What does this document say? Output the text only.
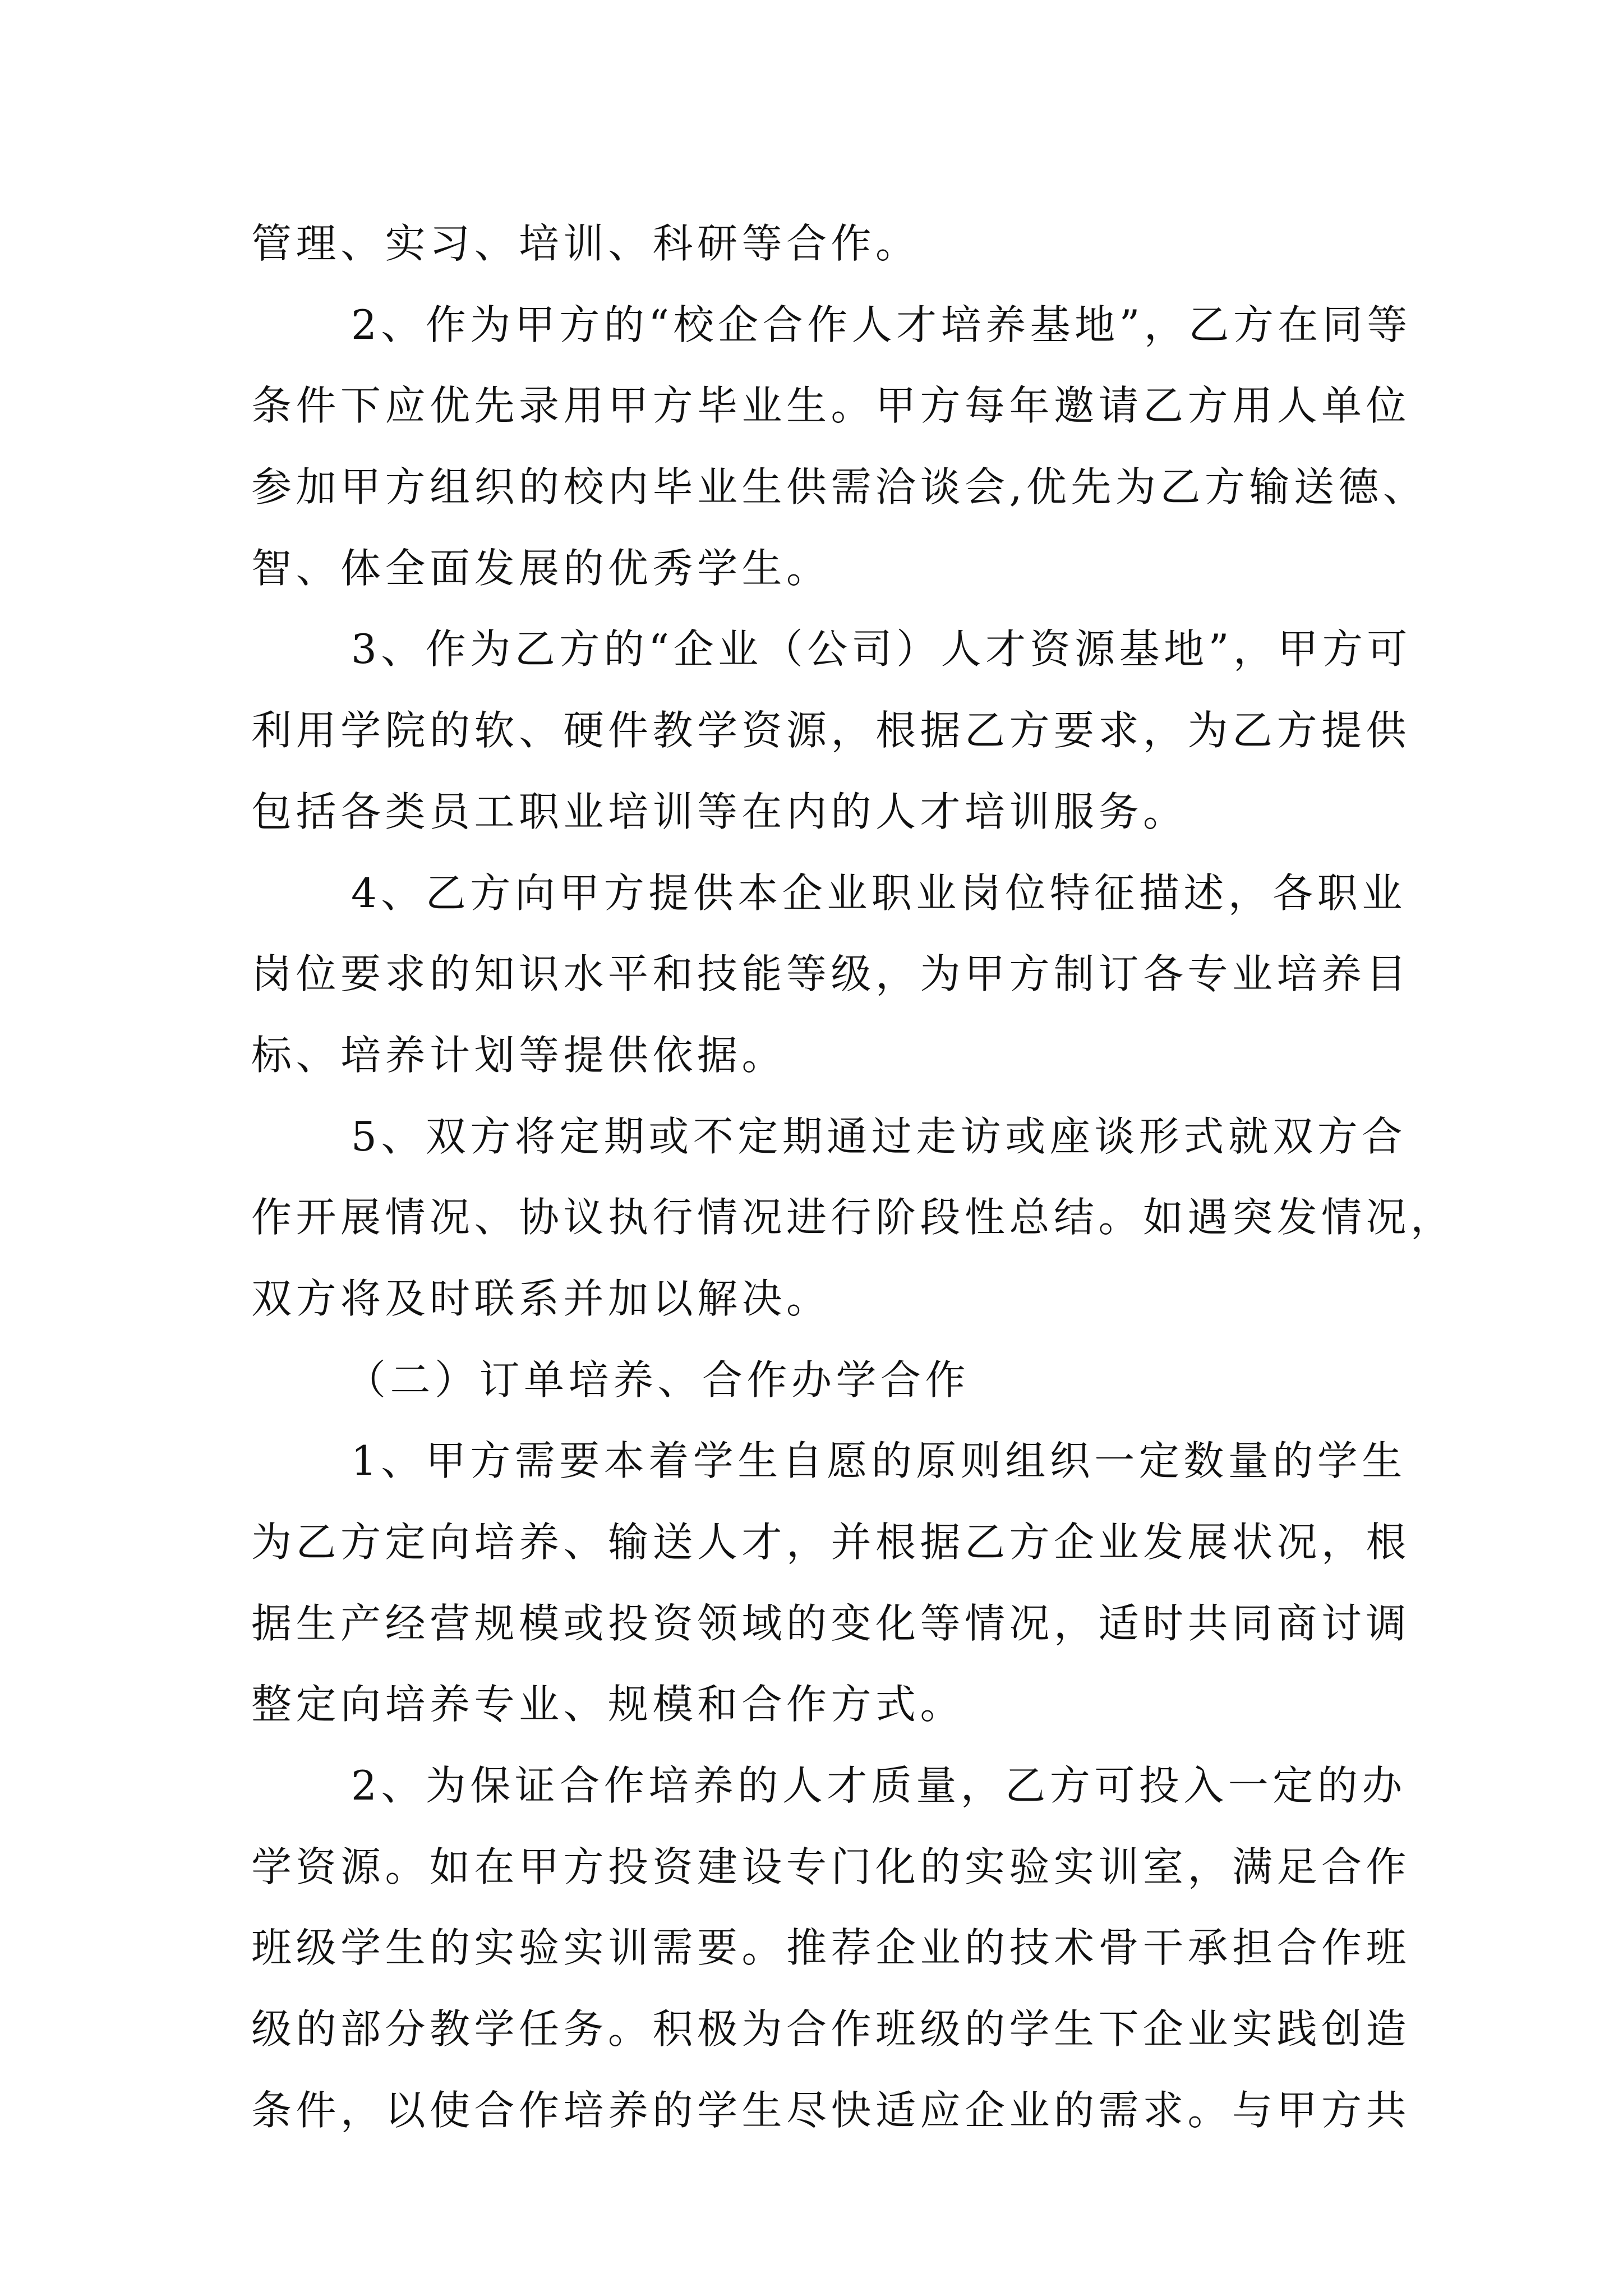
管理、实习、培训、科研等合作。
2、作为甲方的“校企合作人才培养基地”，乙方在同等
条件下应优先录用甲方毕业生。甲方每年邀请乙方用人单位
参加甲方组织的校内毕业生供需洽谈会,优先为乙方输送德、
智、体全面发展的优秀学生。
3、作为乙方的“企业（公司）人才资源基地”，甲方可
利用学院的软、硬件教学资源，根据乙方要求，为乙方提供
包括各类员工职业培训等在内的人才培训服务。
4、乙方向甲方提供本企业职业岗位特征描述，各职业
岗位要求的知识水平和技能等级，为甲方制订各专业培养目
标、培养计划等提供依据。
5、双方将定期或不定期通过走访或座谈形式就双方合
作开展情况、协议执行情况进行阶段性总结。如遇突发情况，
双方将及时联系并加以解决。
（二）订单培养、合作办学合作
1、甲方需要本着学生自愿的原则组织一定数量的学生
为乙方定向培养、输送人才，并根据乙方企业发展状况，根
据生产经营规模或投资领域的变化等情况，适时共同商讨调
整定向培养专业、规模和合作方式。
2、为保证合作培养的人才质量，乙方可投入一定的办
学资源。如在甲方投资建设专门化的实验实训室，满足合作
班级学生的实验实训需要。推荐企业的技术骨干承担合作班
级的部分教学任务。积极为合作班级的学生下企业实践创造
条件，以使合作培养的学生尽快适应企业的需求。与甲方共
